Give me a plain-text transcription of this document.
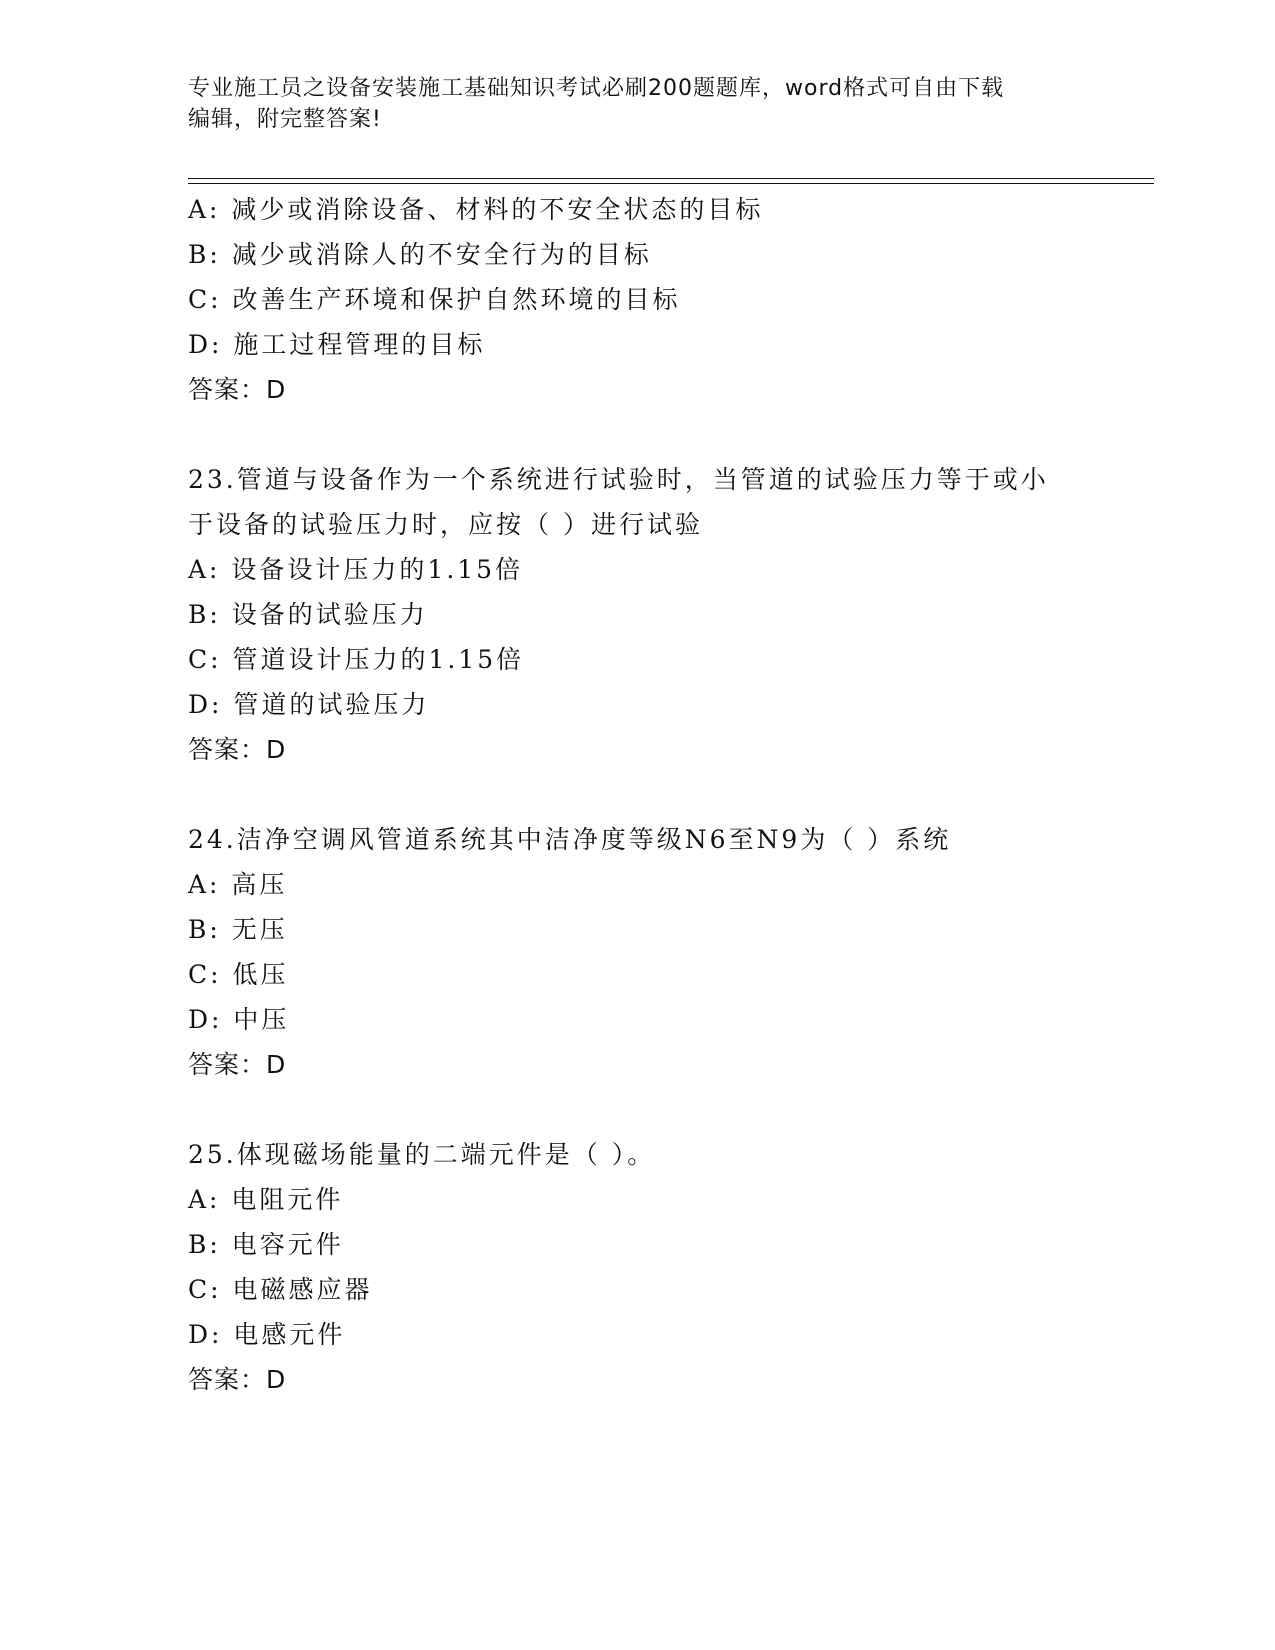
专业施工员之设备安装施工基础知识考试必刷200题题库，word格式可自由下载
编辑，附完整答案!
A: 减少或消除设备、材料的不安全状态的目标
B: 减少或消除人的不安全行为的目标
C: 改善生产环境和保护自然环境的目标
D: 施工过程管理的目标
答案：D
23.管道与设备作为一个系统进行试验时，当管道的试验压力等于或小
于设备的试验压力时，应按（ ）进行试验
A: 设备设计压力的1.15倍
B: 设备的试验压力
C: 管道设计压力的1.15倍
D: 管道的试验压力
答案：D
24.洁净空调风管道系统其中洁净度等级N6至N9为（ ）系统
A: 高压
B: 无压
C: 低压
D: 中压
答案：D
25.体现磁场能量的二端元件是（ ）。
A: 电阻元件
B: 电容元件
C: 电磁感应器
D: 电感元件
答案：D
